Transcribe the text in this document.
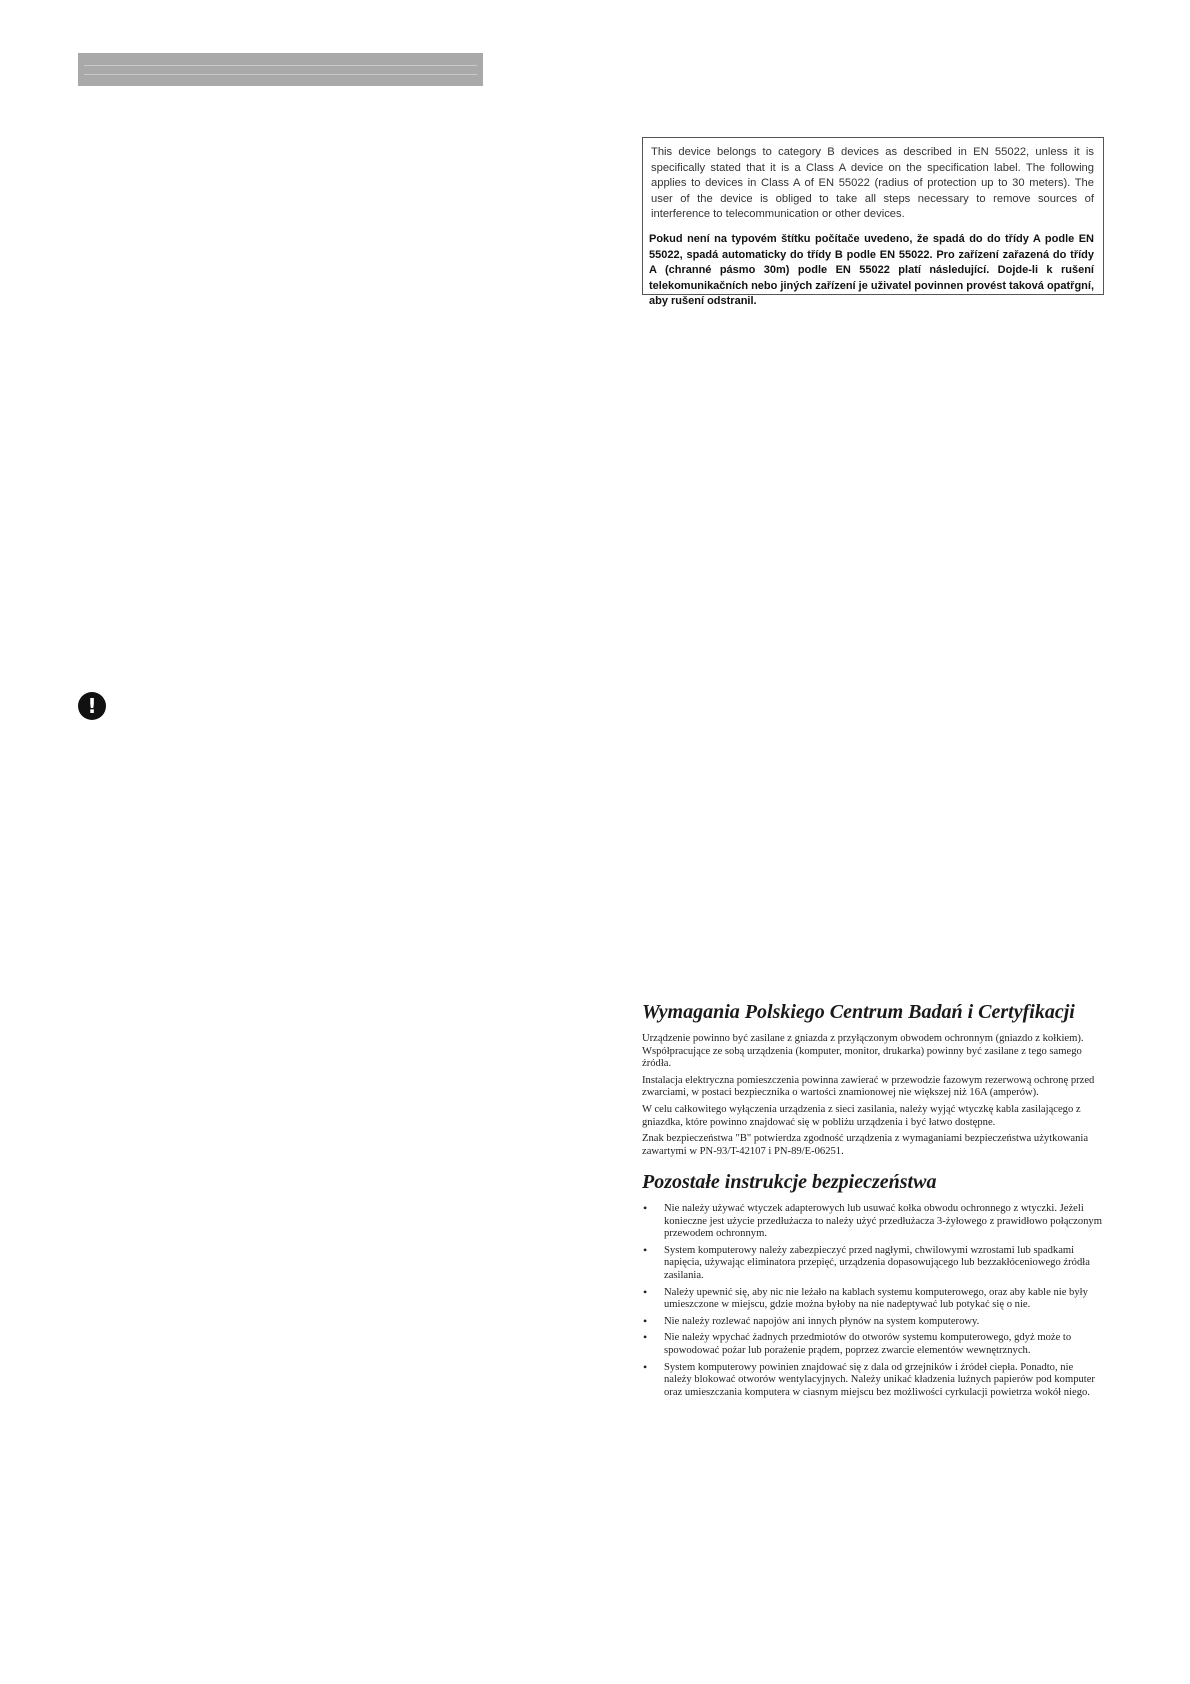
This device belongs to category B devices as described in EN 55022, unless it is specifically stated that it is a Class A device on the specification label. The following applies to devices in Class A of EN 55022 (radius of protection up to 30 meters). The user of the device is obliged to take all steps necessary to remove sources of interference to telecommunication or other devices.

Pokud není na typovém štítku počítače uvedeno, že spadá do do třídy A podle EN 55022, spadá automaticky do třídy B podle EN 55022. Pro zařízení zařazená do třídy A (chranné pásmo 30m) podle EN 55022 platí následující. Dojde-li k rušení telekomunikačních nebo jiných zařízení je uživatel povinnen provést taková opatřgní, aby rušení odstranil.

!
Wymagania Polskiego Centrum Badań i Certyfikacji

Urządzenie powinno być zasilane z gniazda z przyłączonym obwodem ochronnym (gniazdo z kołkiem). Współpracujące ze sobą urządzenia (komputer, monitor, drukarka) powinny być zasilane z tego samego źródła.

Instalacja elektryczna pomieszczenia powinna zawierać w przewodzie fazowym rezerwową ochronę przed zwarciami, w postaci bezpiecznika o wartości znamionowej nie większej niż 16A (amperów).

W celu całkowitego wyłączenia urządzenia z sieci zasilania, należy wyjąć wtyczkę kabla zasilającego z gniazdka, które powinno znajdować się w pobliżu urządzenia i być łatwo dostępne.

Znak bezpieczeństwa "B" potwierdza zgodność urządzenia z wymaganiami bezpieczeństwa użytkowania zawartymi w PN-93/T-42107 i PN-89/E-06251.

Pozostałe instrukcje bezpieczeństwa
• Nie należy używać wtyczek adapterowych lub usuwać kołka obwodu ochronnego z wtyczki. Jeżeli konieczne jest użycie przedłużacza to należy użyć przedłużacza 3-żyłowego z prawidłowo połączonym przewodem ochronnym.
• System komputerowy należy zabezpieczyć przed nagłymi, chwilowymi wzrostami lub spadkami napięcia, używając eliminatora przepięć, urządzenia dopasowującego lub bezzakłóceniowego źródła zasilania.
• Należy upewnić się, aby nic nie leżało na kablach systemu komputerowego, oraz aby kable nie były umieszczone w miejscu, gdzie można byłoby na nie nadeptywać lub potykać się o nie.
• Nie należy rozlewać napojów ani innych płynów na system komputerowy.
• Nie należy wpychać żadnych przedmiotów do otworów systemu komputerowego, gdyż może to spowodować pożar lub porażenie prądem, poprzez zwarcie elementów wewnętrznych.
• System komputerowy powinien znajdować się z dala od grzejników i źródeł ciepła. Ponadto, nie należy blokować otworów wentylacyjnych. Należy unikać kładzenia luźnych papierów pod komputer oraz umieszczania komputera w ciasnym miejscu bez możliwości cyrkulacji powietrza wokół niego.
